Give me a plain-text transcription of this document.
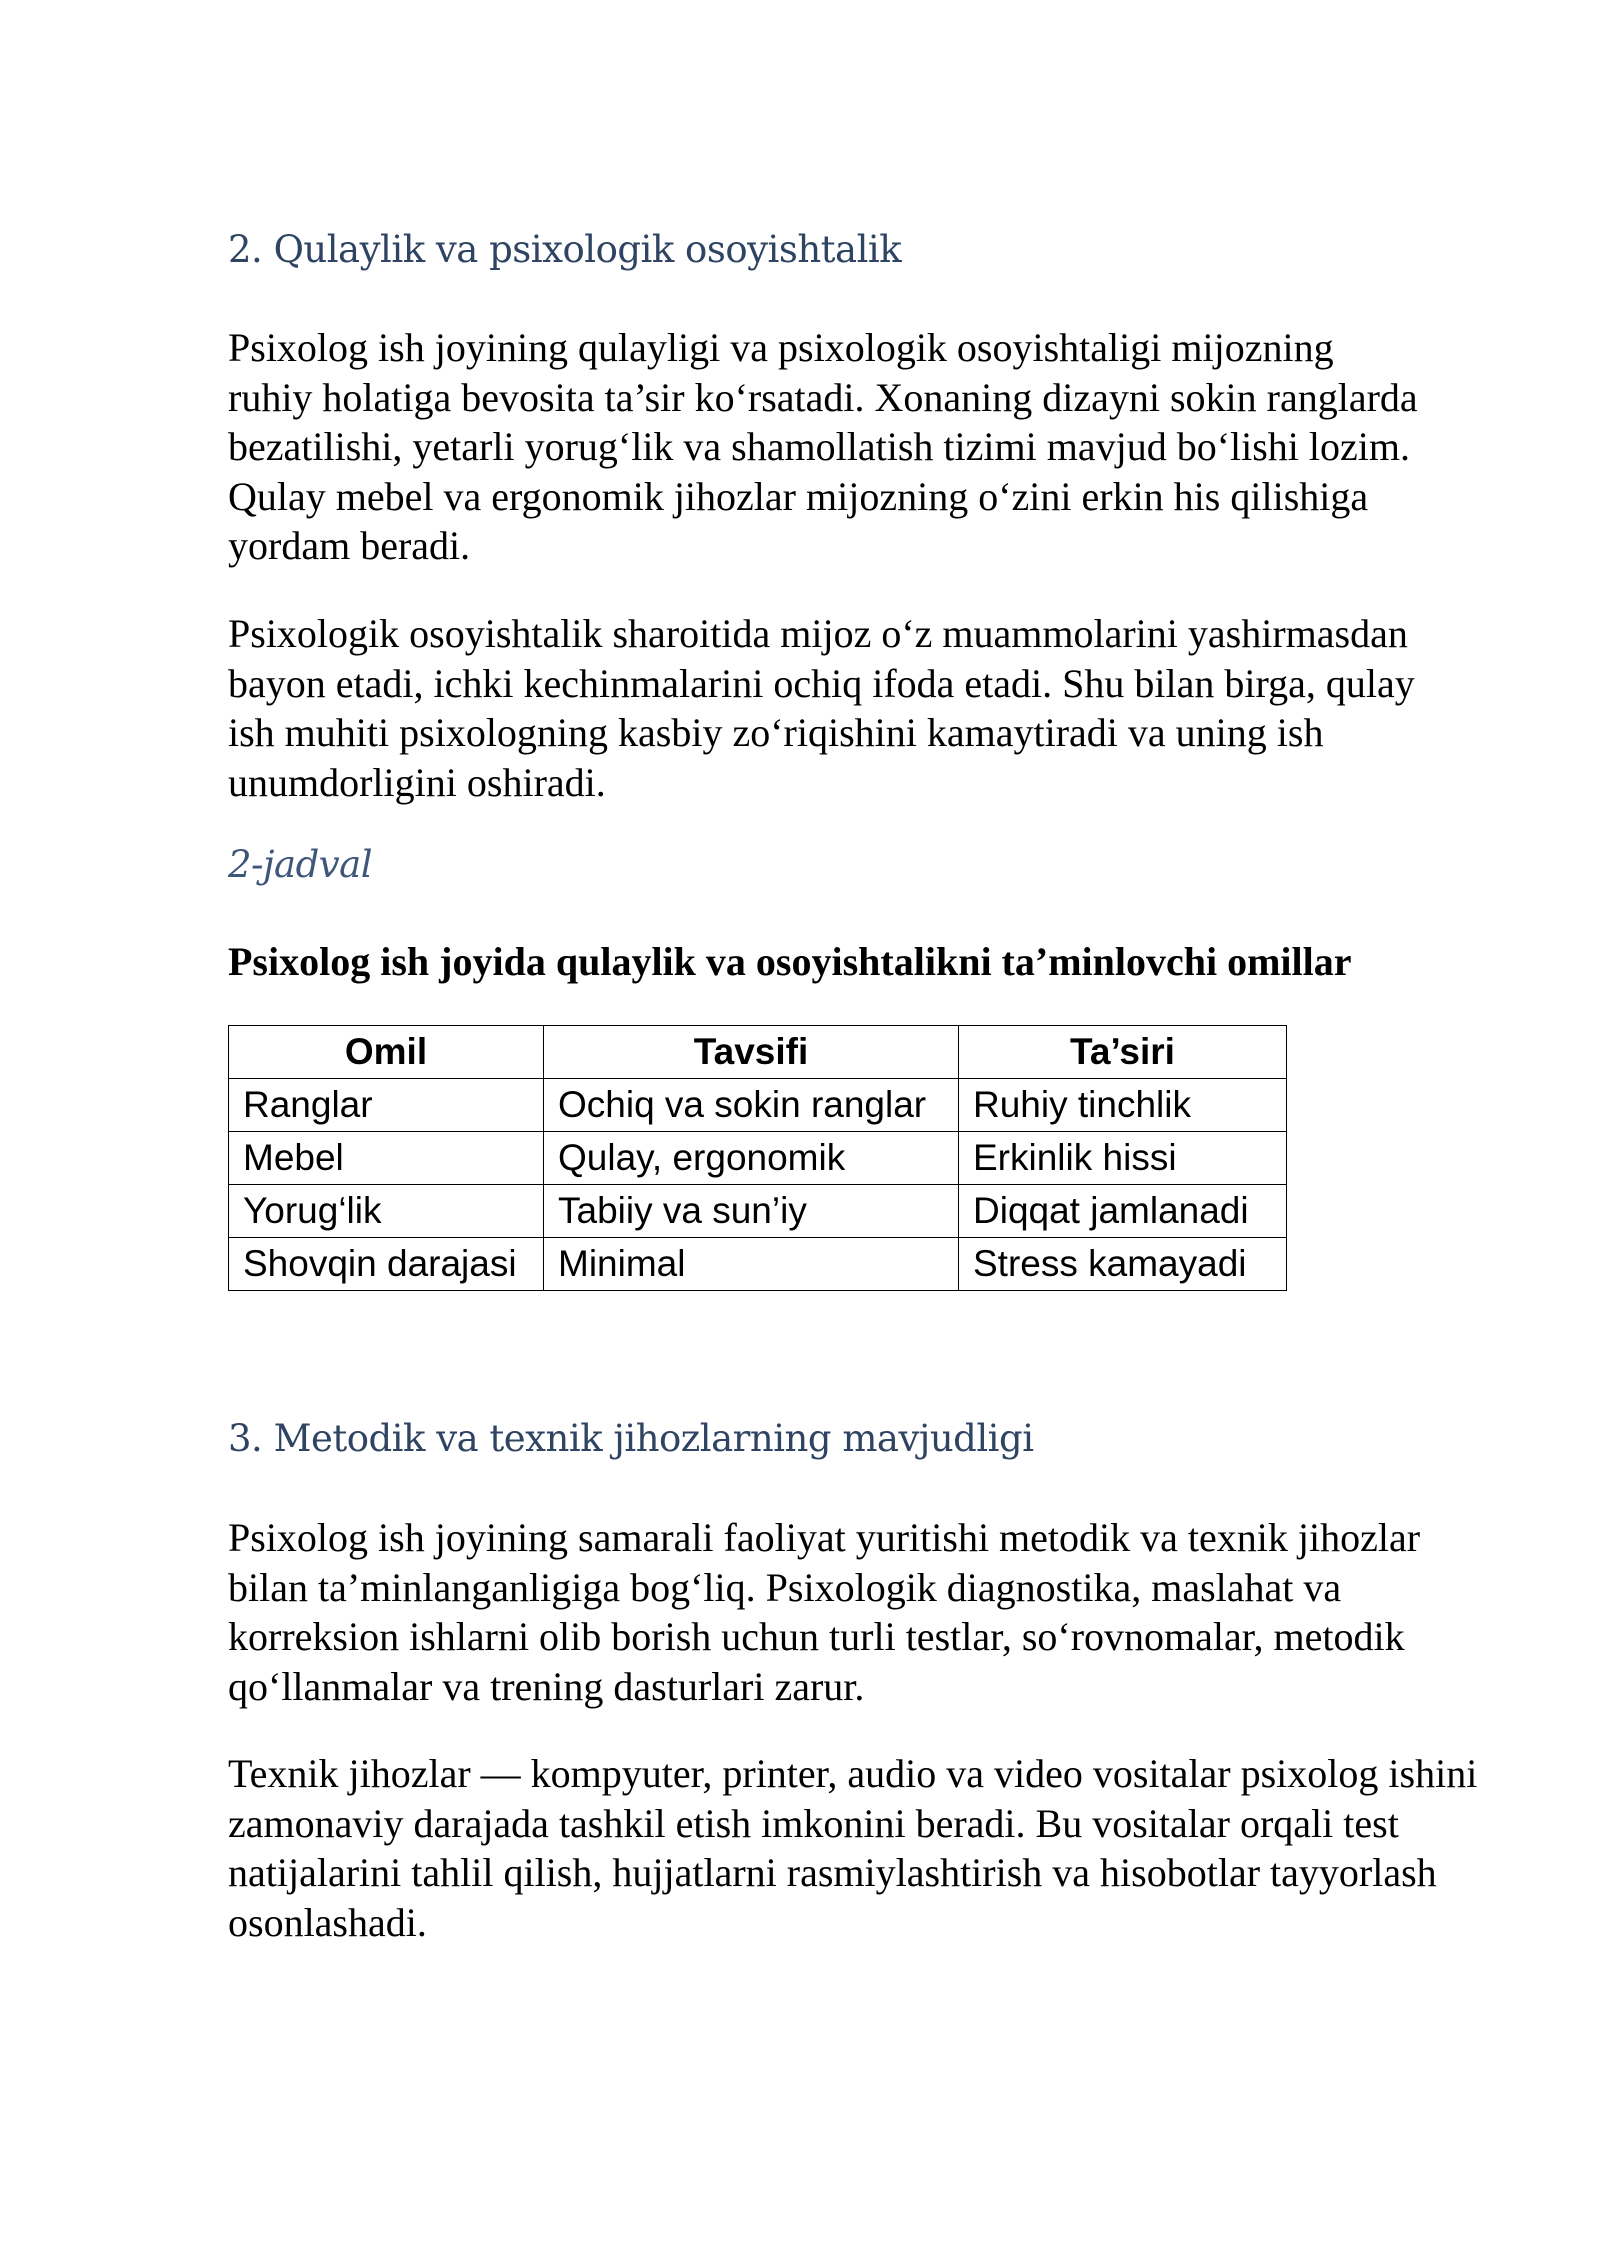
2. Qulaylik va psixologik osoyishtalik

Psixolog ish joyining qulayligi va psixologik osoyishtaligi mijozning ruhiy holatiga bevosita ta’sir ko‘rsatadi. Xonaning dizayni sokin ranglarda bezatilishi, yetarli yorug‘lik va shamollatish tizimi mavjud bo‘lishi lozim. Qulay mebel va ergonomik jihozlar mijozning o‘zini erkin his qilishiga yordam beradi.

Psixologik osoyishtalik sharoitida mijoz o‘z muammolarini yashirmasdan bayon etadi, ichki kechinmalarini ochiq ifoda etadi. Shu bilan birga, qulay ish muhiti psixologning kasbiy zo‘riqishini kamaytiradi va uning ish unumdorligini oshiradi.

2-jadval

Psixolog ish joyida qulaylik va osoyishtalikni ta’minlovchi omillar

Omil	Tavsifi	Ta’siri
Ranglar	Ochiq va sokin ranglar	Ruhiy tinchlik
Mebel	Qulay, ergonomik	Erkinlik hissi
Yorug‘lik	Tabiiy va sun’iy	Diqqat jamlanadi
Shovqin darajasi	Minimal	Stress kamayadi
3. Metodik va texnik jihozlarning mavjudligi

Psixolog ish joyining samarali faoliyat yuritishi metodik va texnik jihozlar bilan ta’minlanganligiga bog‘liq. Psixologik diagnostika, maslahat va korreksion ishlarni olib borish uchun turli testlar, so‘rovnomalar, metodik qo‘llanmalar va trening dasturlari zarur.

Texnik jihozlar — kompyuter, printer, audio va video vositalar psixolog ishini zamonaviy darajada tashkil etish imkonini beradi. Bu vositalar orqali test natijalarini tahlil qilish, hujjatlarni rasmiylashtirish va hisobotlar tayyorlash osonlashadi.
